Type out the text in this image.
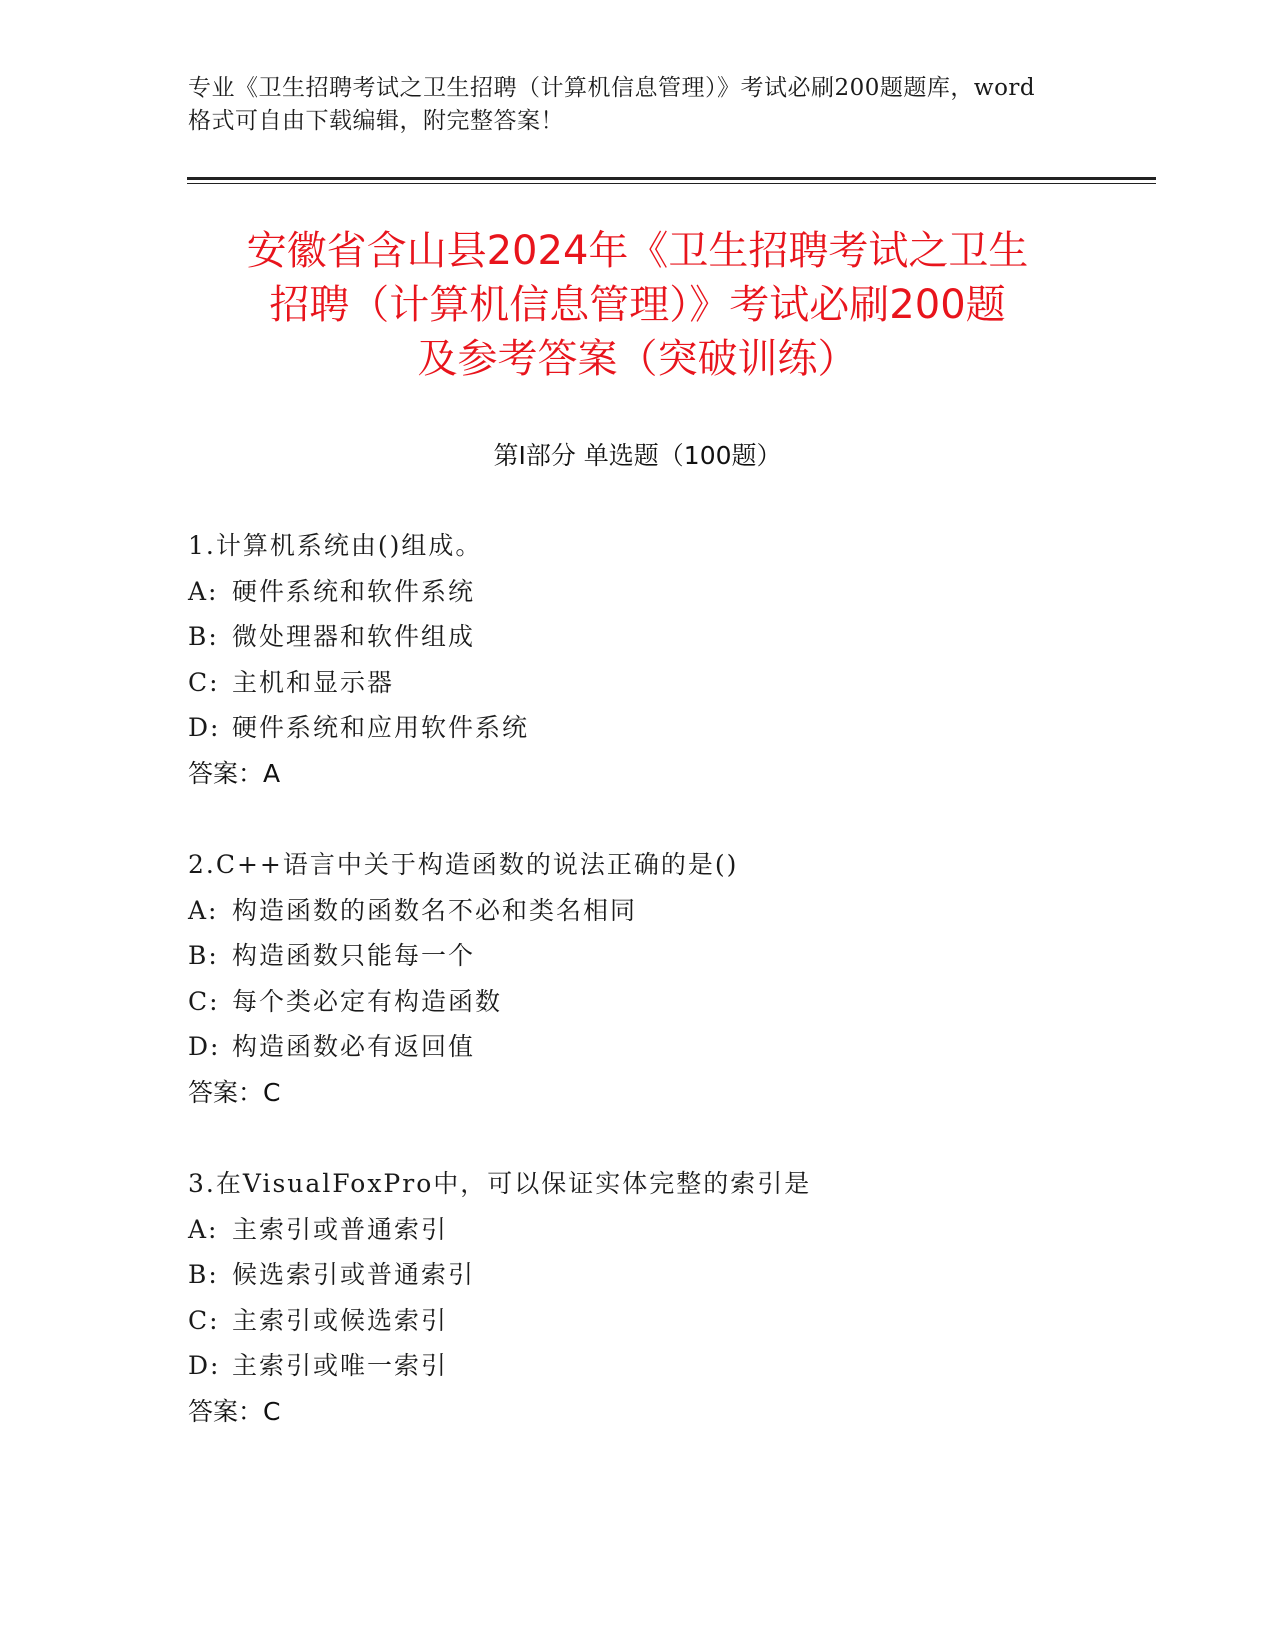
专业《卫生招聘考试之卫生招聘（计算机信息管理）》考试必刷200题题库，word
格式可自由下载编辑，附完整答案！
安徽省含山县2024年《卫生招聘考试之卫生
招聘（计算机信息管理）》考试必刷200题
及参考答案（突破训练）
第Ⅰ部分 单选题（100题）
1.计算机系统由()组成。
A: 硬件系统和软件系统
B: 微处理器和软件组成
C: 主机和显示器
D: 硬件系统和应用软件系统
答案：A
2.C++语言中关于构造函数的说法正确的是()
A: 构造函数的函数名不必和类名相同
B: 构造函数只能每一个
C: 每个类必定有构造函数
D: 构造函数必有返回值
答案：C
3.在VisualFoxPro中，可以保证实体完整的索引是
A: 主索引或普通索引
B: 候选索引或普通索引
C: 主索引或候选索引
D: 主索引或唯一索引
答案：C
